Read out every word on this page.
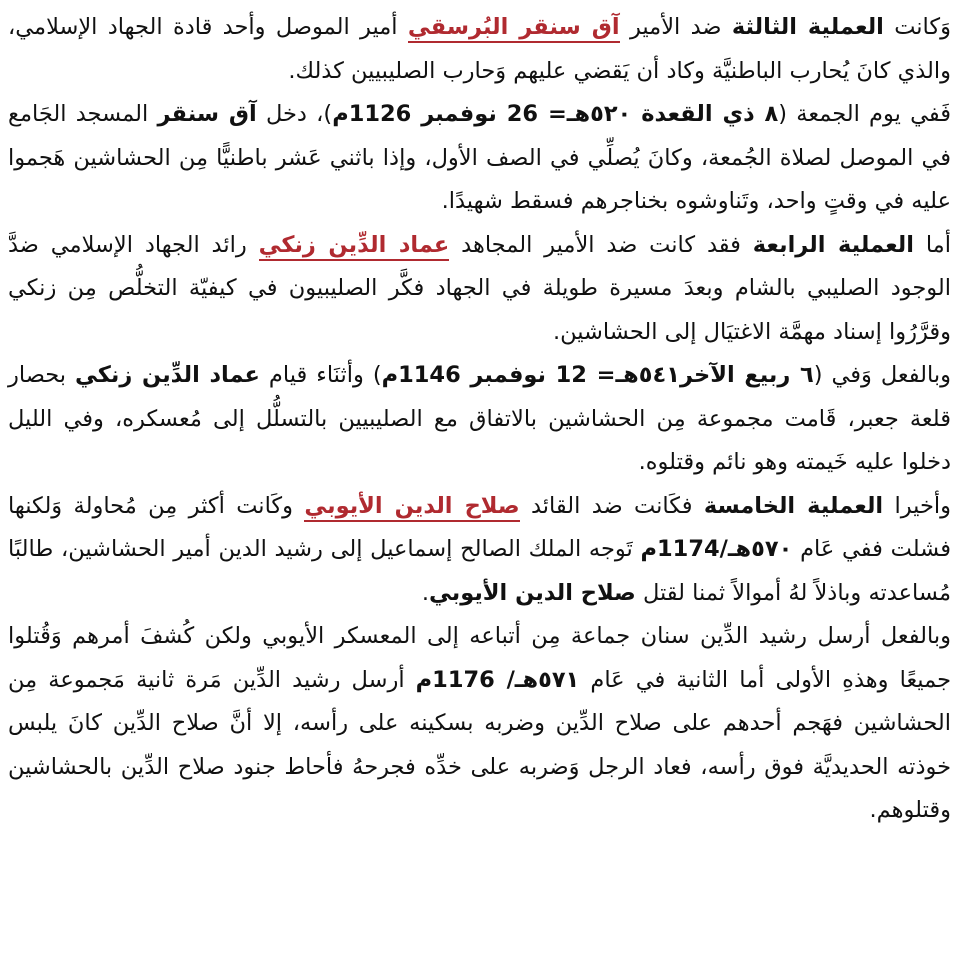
وَكانت العملية الثالثة ضد الأمير آق سنقر البُرسقي أمير الموصل وأحد قادة الجهاد الإسلامي، والذي كانَ يُحارب الباطنيَّة وكاد أن يَقضي عليهم وَحارب الصليبيين كذلك.

فَفي يوم الجمعة (٨ ذي القعدة ٥٢٠هـ= 26 نوفمبر 1126م)، دخل آق سنقر المسجد الجَامع في الموصل لصلاة الجُمعة، وكانَ يُصلِّي في الصف الأول، وإذا باثني عَشر باطنيًّا مِن الحشاشين هَجموا عليه في وقتٍ واحد، وتَناوشوه بخناجرهم فسقط شهيدًا.

أما العملية الرابعة فقد كانت ضد الأمير المجاهد عماد الدِّين زنكي رائد الجهاد الإسلامي ضدَّ الوجود الصليبي بالشام وبعدَ مسيرة طويلة في الجهاد فكَّر الصليبيون في كيفيّة التخلُّص مِن زنكي وقرَّرُوا إسناد مهمَّة الاغتيَال إلى الحشاشين.

وبالفعل وَفي (٦ ربيع الآخر٥٤١هـ= 12 نوفمبر 1146م) وأثنَاء قيام عماد الدِّين زنكي بحصار قلعة جعبر، قَامت مجموعة مِن الحشاشين بالاتفاق مع الصليبيين بالتسلُّل إلى مُعسكره، وفي الليل دخلوا عليه خَيمته وهو نائم وقتلوه.

وأخيرا العملية الخامسة فكَانت ضد القائد صلاح الدين الأيوبي وكَانت أكثر مِن مُحاولة وَلكنها فشلت ففي عَام ٥٧٠هـ/1174م تَوجه الملك الصالح إسماعيل إلى رشيد الدين أمير الحشاشين، طالبًا مُساعدته وباذلاً لهُ أموالاً ثمنا لقتل صلاح الدين الأيوبي.

وبالفعل أرسل رشيد الدِّين سنان جماعة مِن أتباعه إلى المعسكر الأيوبي ولكن كُشفَ أمرهم وَقُتلوا جميعًا وهذهِ الأولى أما الثانية في عَام ٥٧١هـ/ 1176م أرسل رشيد الدِّين مَرة ثانية مَجموعة مِن الحشاشين فهَجم أحدهم على صلاح الدِّين وضربه بسكينه على رأسه، إلا أنَّ صلاح الدِّين كانَ يلبس خوذته الحديديَّة فوق رأسه، فعاد الرجل وَضربه على خدِّه فجرحهُ فأحاط جنود صلاح الدِّين بالحشاشين وقتلوهم.
